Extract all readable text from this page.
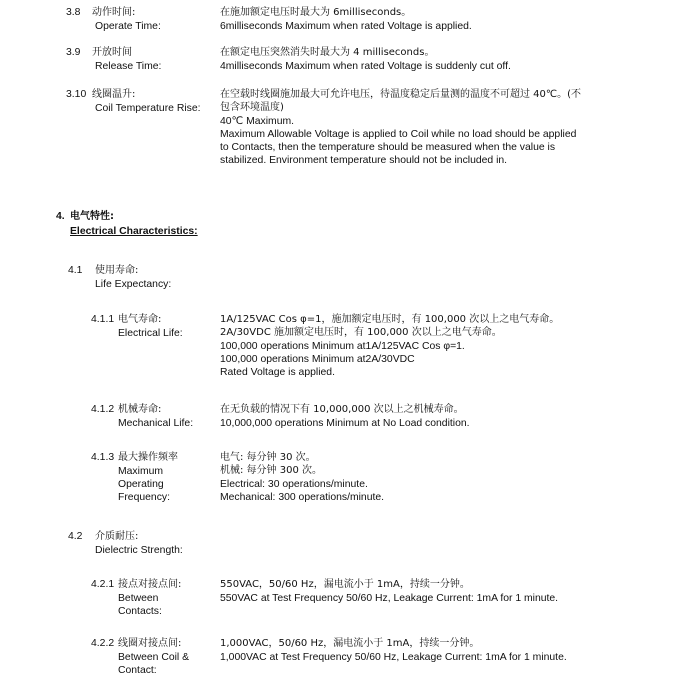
3.8 动作时间:
Operate Time:
在施加额定电压时最大为 6milliseconds。
6milliseconds Maximum when rated Voltage is applied.
3.9 开放时间
Release Time:
在额定电压突然消失时最大为 4 milliseconds。
4milliseconds Maximum when rated Voltage is suddenly cut off.
3.10 线圈温升:
Coil Temperature Rise:
在空载时线圈施加最大可允许电压，待温度稳定后量测的温度不可超过 40℃。(不
包含环境温度)
40℃ Maximum.
Maximum Allowable Voltage is applied to Coil while no load should be applied
to Contacts, then the temperature should be measured when the value is
stabilized. Environment temperature should not be included in.
4. 电气特性:
Electrical Characteristics:
4.1 使用寿命:
Life Expectancy:
4.1.1 电气寿命:
Electrical Life:
1A/125VAC Cos φ=1，施加额定电压时，有 100,000 次以上之电气寿命。
2A/30VDC 施加额定电压时，有 100,000 次以上之电气寿命。
100,000 operations Minimum at1A/125VAC Cos φ=1.
100,000 operations Minimum at2A/30VDC
Rated Voltage is applied.
4.1.2 机械寿命:
Mechanical Life:
在无负载的情况下有 10,000,000 次以上之机械寿命。
10,000,000 operations Minimum at No Load condition.
4.1.3 最大操作频率
Maximum
Operating
Frequency:
电气: 每分钟 30 次。
机械: 每分钟 300 次。
Electrical: 30 operations/minute.
Mechanical: 300 operations/minute.
4.2 介质耐压:
Dielectric Strength:
4.2.1 接点对接点间:
Between
Contacts:
550VAC，50/60 Hz，漏电流小于 1mA，持续一分钟。
550VAC at Test Frequency 50/60 Hz, Leakage Current: 1mA for 1 minute.
4.2.2 线圈对接点间:
Between Coil &
Contact:
1,000VAC，50/60 Hz，漏电流小于 1mA，持续一分钟。
1,000VAC at Test Frequency 50/60 Hz, Leakage Current: 1mA for 1 minute.
